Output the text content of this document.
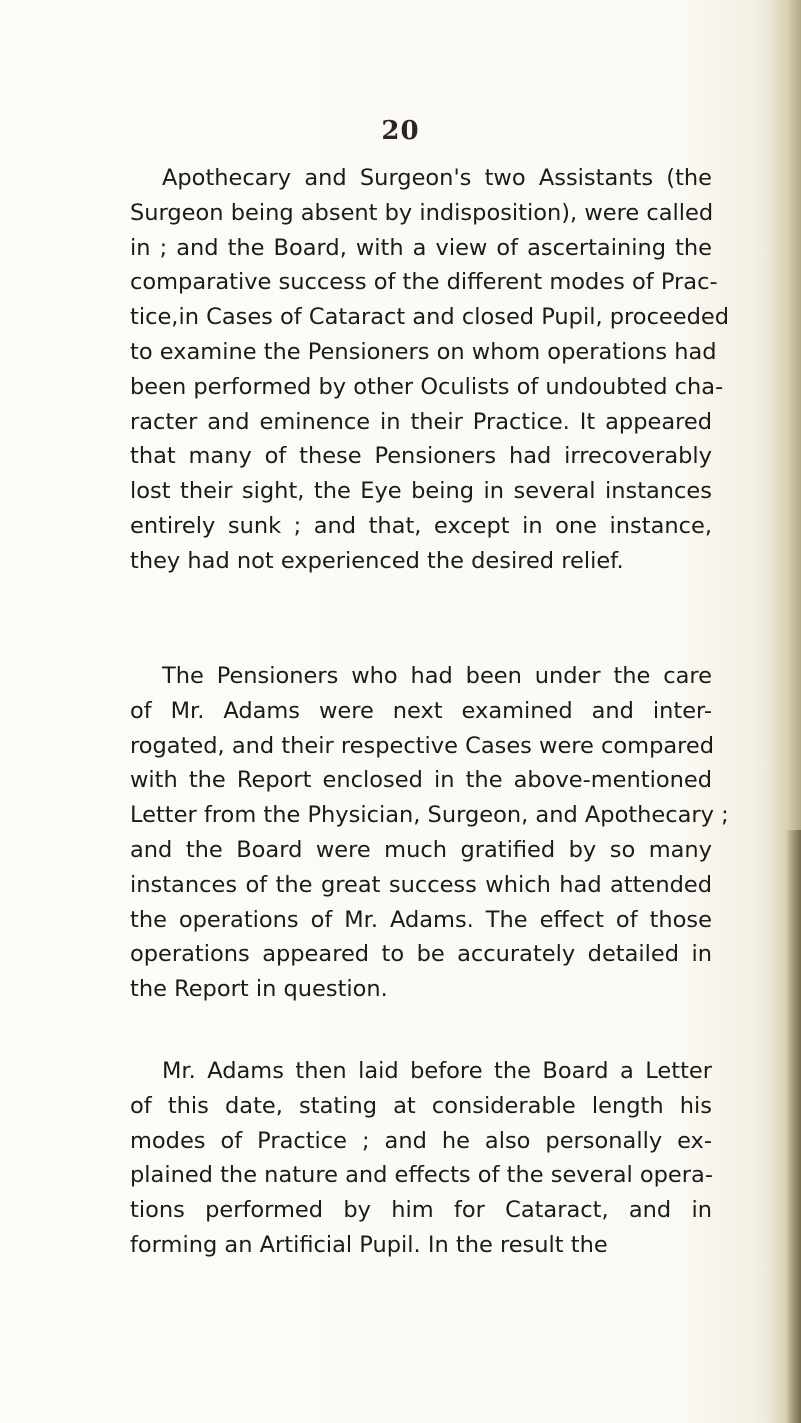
20
Apothecary and Surgeon's two Assistants (the
Surgeon being absent by indisposition), were called
in ; and the Board, with a view of ascertaining the
comparative success of the different modes of Prac-
tice,in Cases of Cataract and closed Pupil, proceeded
to examine the Pensioners on whom operations had
been performed by other Oculists of undoubted cha-
racter and eminence in their Practice. It appeared
that many of these Pensioners had irrecoverably
lost their sight, the Eye being in several instances
entirely sunk ; and that, except in one instance,
they had not experienced the desired relief.
The Pensioners who had been under the care
of Mr. Adams were next examined and inter-
rogated, and their respective Cases were compared
with the Report enclosed in the above-mentioned
Letter from the Physician, Surgeon, and Apothecary ;
and the Board were much gratified by so many
instances of the great success which had attended
the operations of Mr. Adams. The effect of those
operations appeared to be accurately detailed in
the Report in question.
Mr. Adams then laid before the Board a Letter
of this date, stating at considerable length his
modes of Practice ; and he also personally ex-
plained the nature and effects of the several opera-
tions performed by him for Cataract, and in
forming an Artificial Pupil. In the result the
